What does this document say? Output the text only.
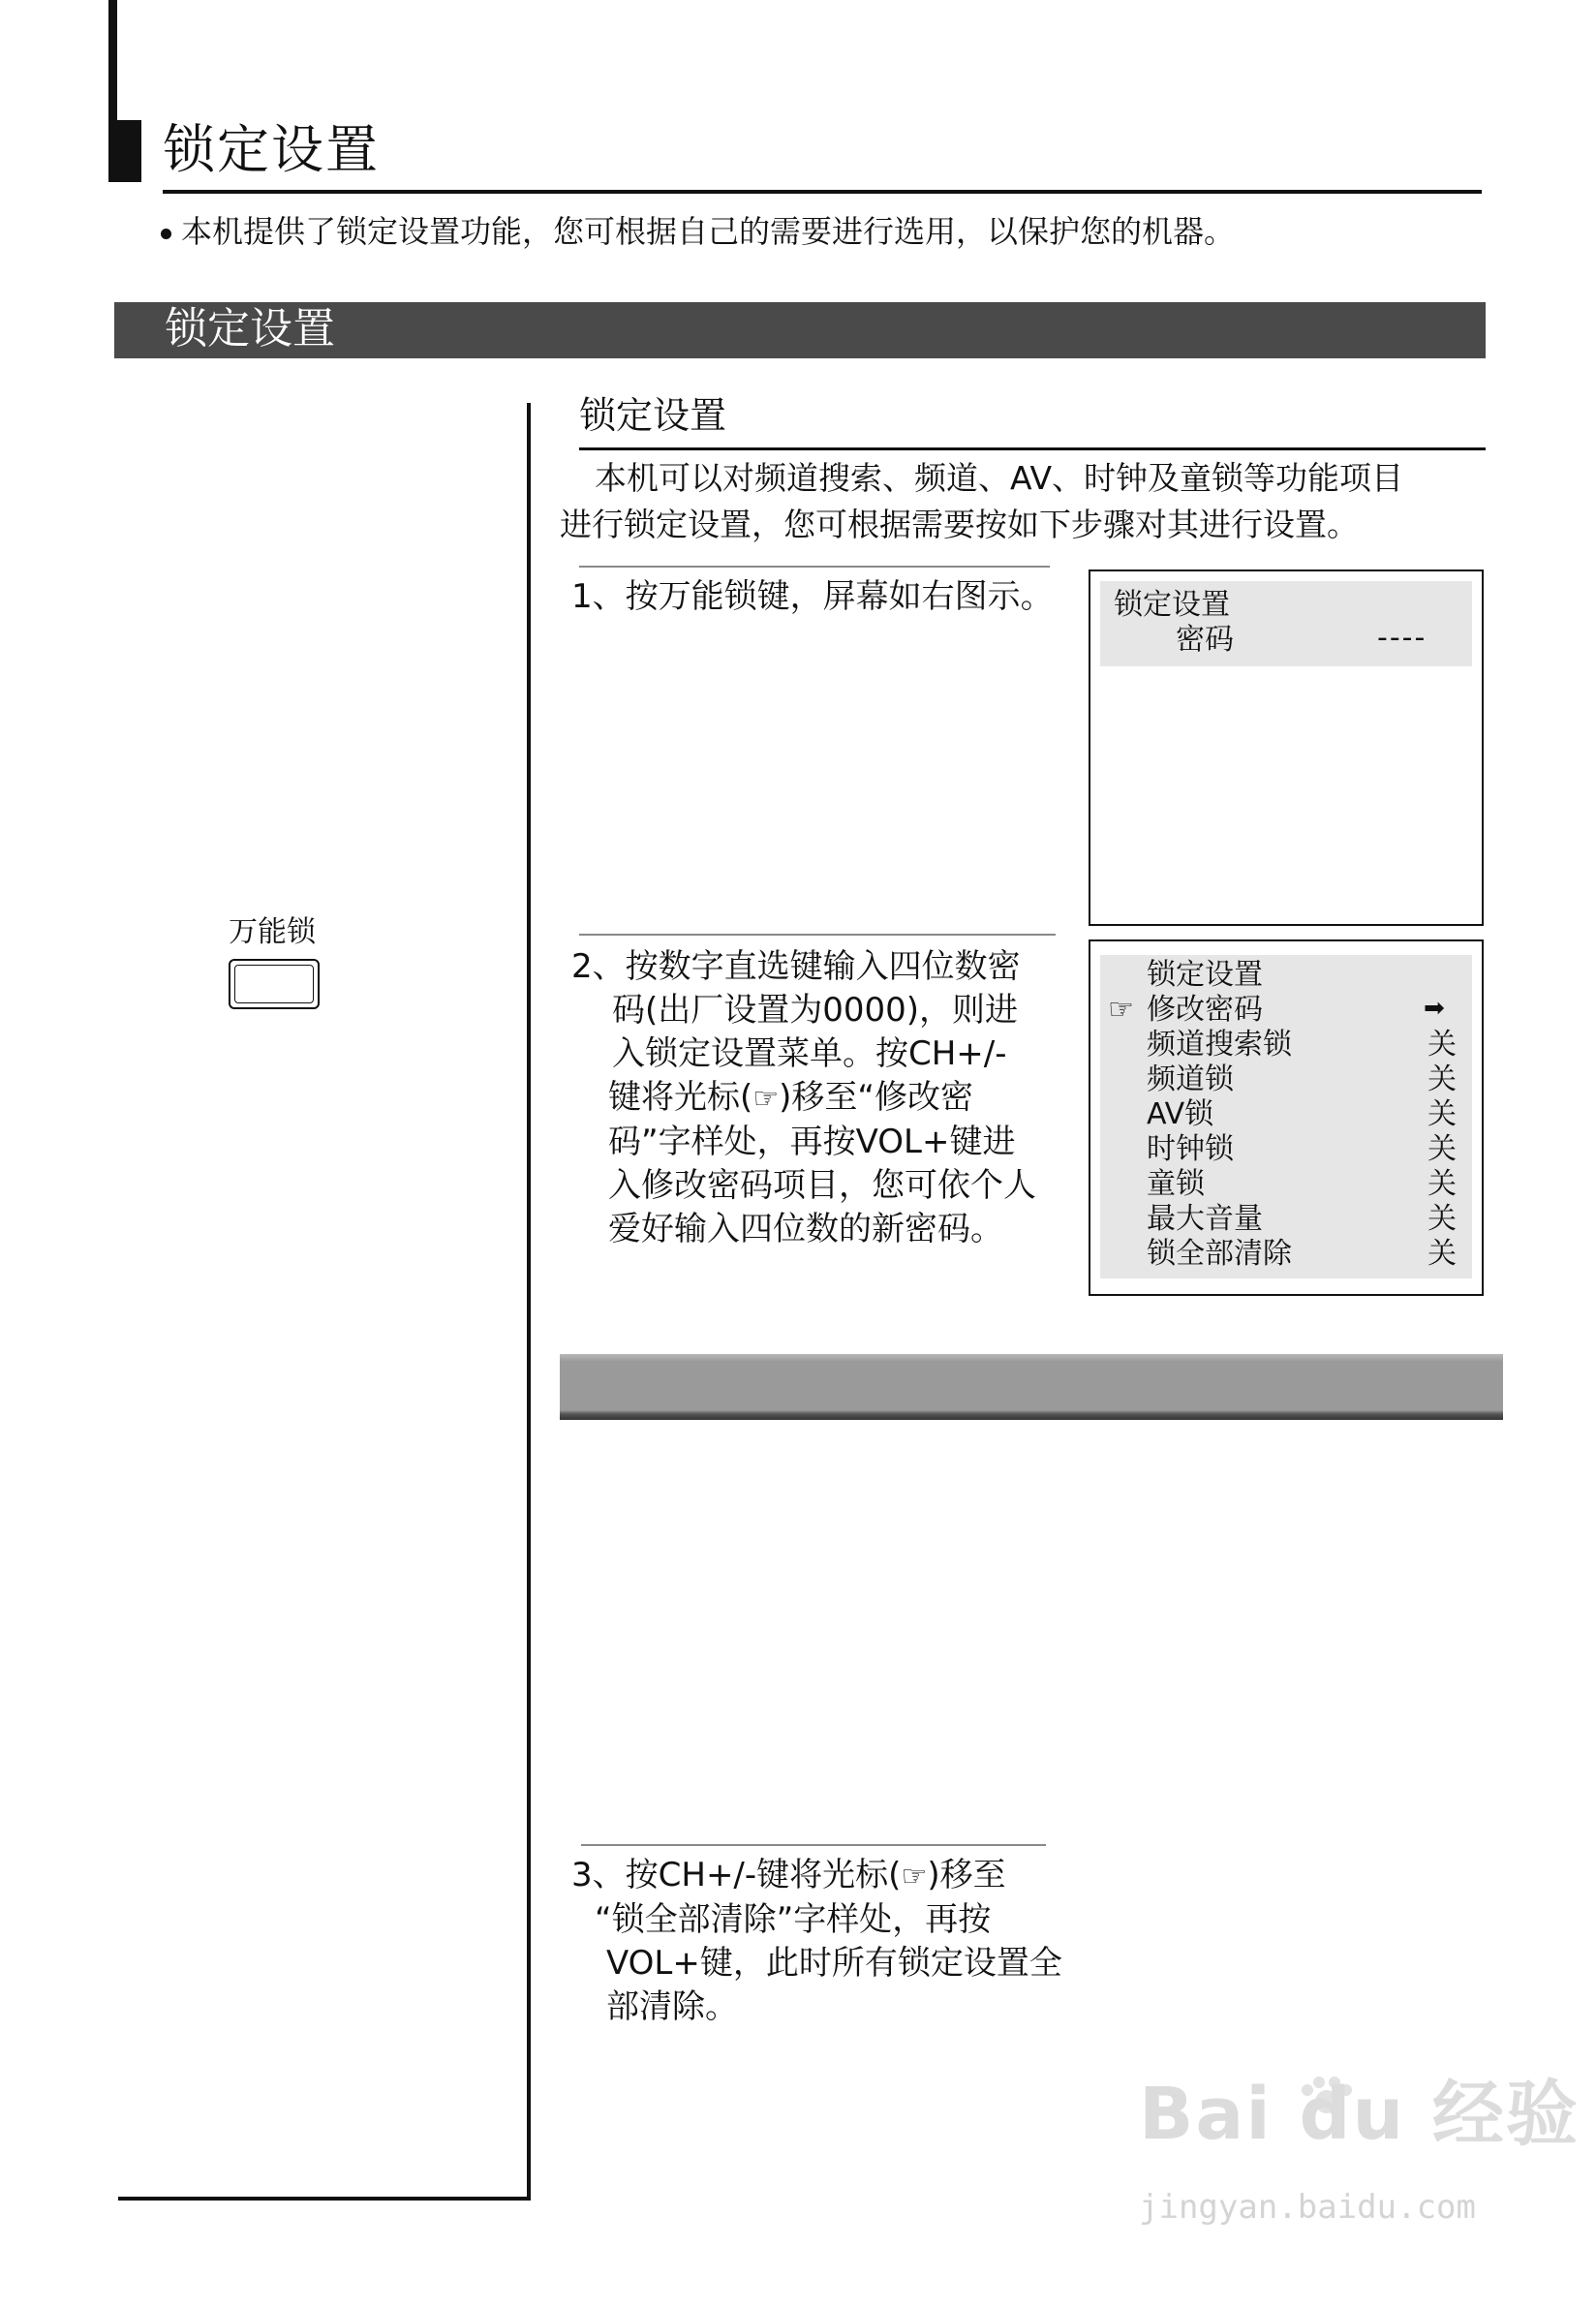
锁定设置
本机提供了锁定设置功能，您可根据自己的需要进行选用，以保护您的机器。
锁定设置
万能锁
锁定设置

本机可以对频道搜索、频道、AV、时钟及童锁等功能项目

进行锁定设置，您可根据需要按如下步骤对其进行设置。

1、按万能锁键，屏幕如右图示。 锁定设置
密码	----
2、按数字直选键输入四位数密
码(出厂设置为0000)，则进
入锁定设置菜单。按CH+/-
键将光标(☞)移至“修改密
码”字样处，再按VOL+键进
入修改密码项目，您可依个人
爱好输入四位数的新密码。
锁定设置
☞ 修改密码	➡
频道搜索锁	关
频道锁	关
AV锁	关
时钟锁	关
童锁	关
最大音量	关
锁全部清除	关
3、按CH+/-键将光标(☞)移至
“锁全部清除”字样处，再按
VOL+键，此时所有锁定设置全
部清除。
Bai du 经验
jingyan.baidu.com
